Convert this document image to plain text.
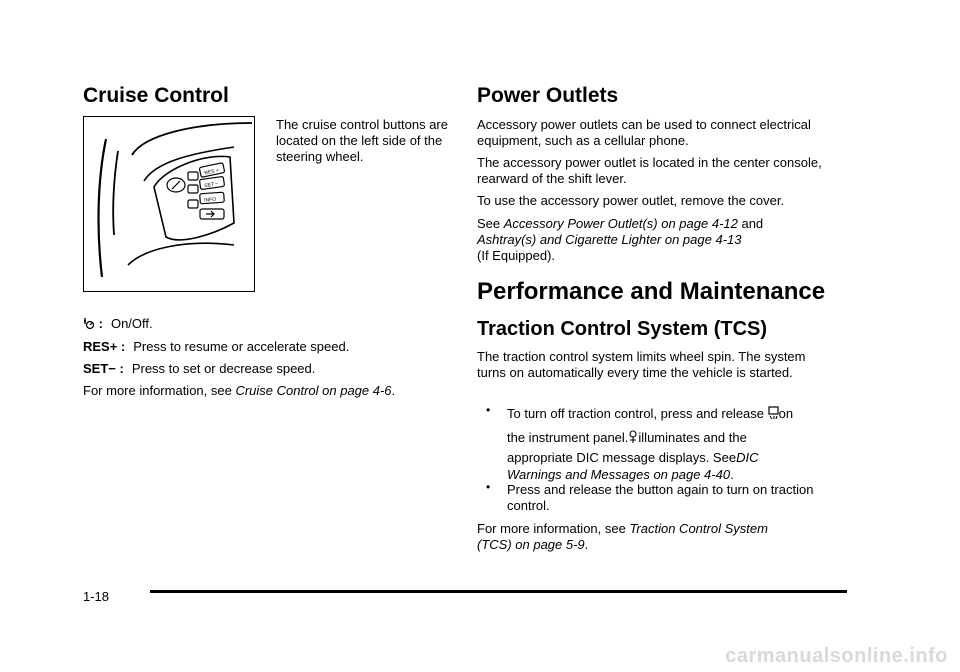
Cruise Control
RES +
SET −
INFO

The cruise control buttons are located on the left side of the steering wheel.

: On/Off.
RES+ : Press to resume or accelerate speed.
SET− : Press to set or decrease speed.

For more information, see Cruise Control on page 4-6.

Power Outlets

Accessory power outlets can be used to connect electrical equipment, such as a cellular phone.

The accessory power outlet is located in the center console, rearward of the shift lever.

To use the accessory power outlet, remove the cover.

See Accessory Power Outlet(s) on page 4-12 and
Ashtray(s) and Cigarette Lighter on page 4-13
(If Equipped).

Performance and Maintenance
Traction Control System (TCS)

The traction control system limits wheel spin. The system turns on automatically every time the vehicle is started.

• To turn off traction control, press and release on
the instrument panel.illuminates and the
appropriate DIC message displays. SeeDIC
Warnings and Messages on page 4-40.

• Press and release the button again to turn on traction control.

For more information, see Traction Control System
(TCS) on page 5-9.

1-18
carmanualsonline.info
